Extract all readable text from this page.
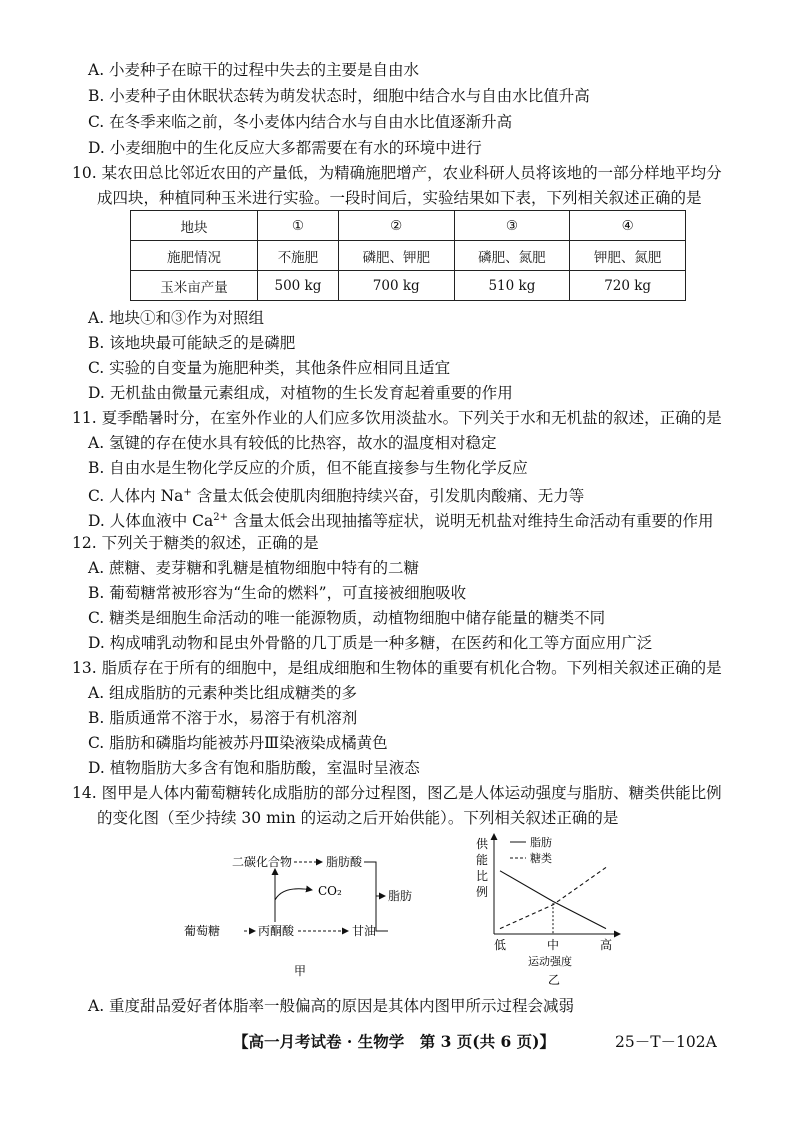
A. 小麦种子在晾干的过程中失去的主要是自由水
B. 小麦种子由休眠状态转为萌发状态时，细胞中结合水与自由水比值升高
C. 在冬季来临之前，冬小麦体内结合水与自由水比值逐渐升高
D. 小麦细胞中的生化反应大多都需要在有水的环境中进行
10. 某农田总比邻近农田的产量低，为精确施肥增产，农业科研人员将该地的一部分样地平均分
成四块，种植同种玉米进行实验。一段时间后，实验结果如下表，下列相关叙述正确的是
地块	①	②	③	④
施肥情况	不施肥	磷肥、钾肥	磷肥、氮肥	钾肥、氮肥
玉米亩产量	500 kg	700 kg	510 kg	720 kg
A. 地块①和③作为对照组
B. 该地块最可能缺乏的是磷肥
C. 实验的自变量为施肥种类，其他条件应相同且适宜
D. 无机盐由微量元素组成，对植物的生长发育起着重要的作用
11. 夏季酷暑时分，在室外作业的人们应多饮用淡盐水。下列关于水和无机盐的叙述，正确的是
A. 氢键的存在使水具有较低的比热容，故水的温度相对稳定
B. 自由水是生物化学反应的介质，但不能直接参与生物化学反应
C. 人体内 Na+ 含量太低会使肌肉细胞持续兴奋，引发肌肉酸痛、无力等
D. 人体血液中 $Ca^{2+}$ 含量太低会出现抽搐等症状，说明无机盐对维持生命活动有重要的作用
12. 下列关于糖类的叙述，正确的是
A. 蔗糖、麦芽糖和乳糖是植物细胞中特有的二糖
B. 葡萄糖常被形容为“生命的燃料”，可直接被细胞吸收
C. 糖类是细胞生命活动的唯一能源物质，动植物细胞中储存能量的糖类不同
D. 构成哺乳动物和昆虫外骨骼的几丁质是一种多糖，在医药和化工等方面应用广泛
13. 脂质存在于所有的细胞中，是组成细胞和生物体的重要有机化合物。下列相关叙述正确的是
A. 组成脂肪的元素种类比组成糖类的多
B. 脂质通常不溶于水，易溶于有机溶剂
C. 脂肪和磷脂均能被苏丹Ⅲ染液染成橘黄色
D. 植物脂肪大多含有饱和脂肪酸，室温时呈液态
14. 图甲是人体内葡萄糖转化成脂肪的部分过程图，图乙是人体运动强度与脂肪、糖类供能比例
的变化图（至少持续 30 min 的运动之后开始供能）。下列相关叙述正确的是
二碳化合物	脂肪酸
CO₂	脂肪
葡萄糖	丙酮酸	甘油
甲
供
能
比
例
脂肪
糖类
低	中	高
运动强度
乙
A. 重度甜品爱好者体脂率一般偏高的原因是其体内图甲所示过程会减弱
【高一月考试卷 · 生物学　第 3 页(共 6 页)】	25－T－102A
